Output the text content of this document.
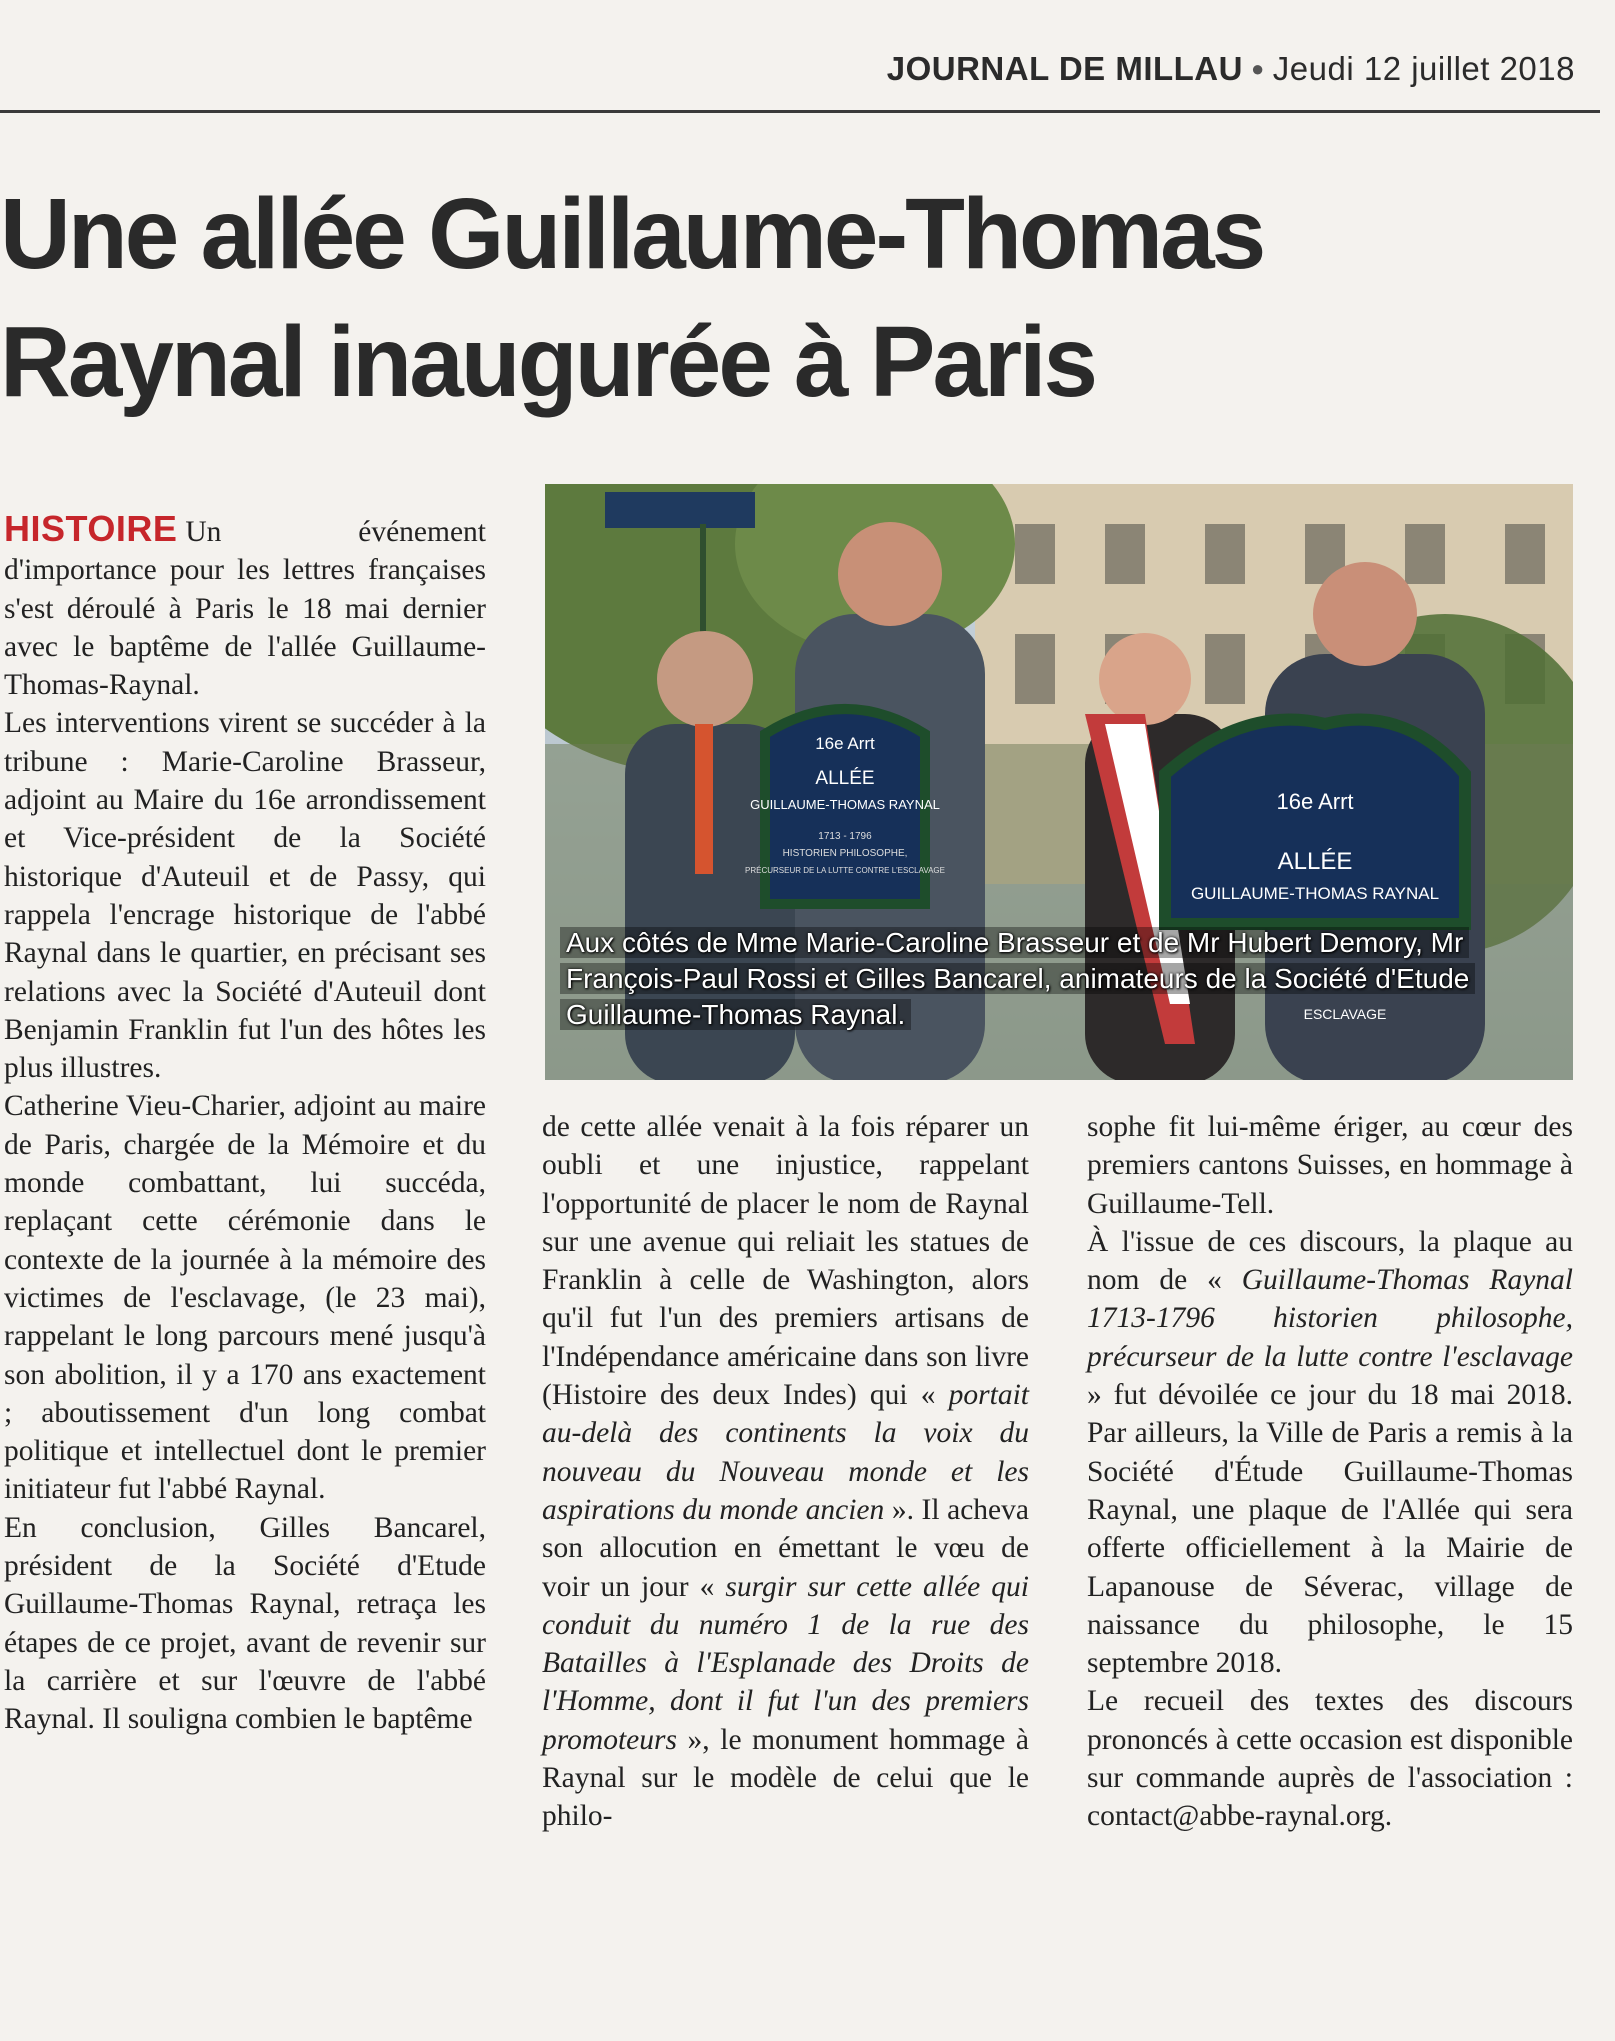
JOURNAL DE MILLAU ● Jeudi 12 juillet 2018
Une allée Guillaume-Thomas
Raynal inaugurée à Paris

HISTOIRE Un événement d'importance pour les lettres françaises s'est déroulé à Paris le 18 mai dernier avec le baptême de l'allée Guillaume-Thomas-Raynal.

Les interventions virent se succéder à la tribune : Marie-Caroline Brasseur, adjoint au Maire du 16e arrondissement et Vice-président de la Société historique d'Auteuil et de Passy, qui rappela l'encrage historique de l'abbé Raynal dans le quartier, en précisant ses relations avec la Société d'Auteuil dont Benjamin Franklin fut l'un des hôtes les plus illustres.

Catherine Vieu-Charier, adjoint au maire de Paris, chargée de la Mémoire et du monde combattant, lui succéda, replaçant cette cérémonie dans le contexte de la journée à la mémoire des victimes de l'esclavage, (le 23 mai), rappelant le long parcours mené jusqu'à son abolition, il y a 170 ans exactement ; aboutissement d'un long combat politique et intellectuel dont le premier initiateur fut l'abbé Raynal.

En conclusion, Gilles Bancarel, président de la Société d'Etude Guillaume-Thomas Raynal, retraça les étapes de ce projet, avant de revenir sur la carrière et sur l'œuvre de l'abbé Raynal. Il souligna combien le baptême

16e Arrt
ALLÉE
GUILLAUME-THOMAS RAYNAL
1713 - 1796
HISTORIEN PHILOSOPHE,
PRÉCURSEUR DE LA LUTTE CONTRE L'ESCLAVAGE
16e Arrt
ALLÉE
GUILLAUME-THOMAS RAYNAL
ESCLAVAGE
Aux côtés de Mme Marie-Caroline Brasseur et de Mr Hubert Demory, Mr François-Paul Rossi et Gilles Bancarel, animateurs de la Société d'Etude Guillaume-Thomas Raynal.

de cette allée venait à la fois réparer un oubli et une injustice, rappelant l'opportunité de placer le nom de Raynal sur une avenue qui reliait les statues de Franklin à celle de Washington, alors qu'il fut l'un des premiers artisans de l'Indépendance américaine dans son livre (Histoire des deux Indes) qui « portait au-delà des continents la voix du nouveau du Nouveau monde et les aspirations du monde ancien ». Il acheva son allocution en émettant le vœu de voir un jour « surgir sur cette allée qui conduit du numéro 1 de la rue des Batailles à l'Esplanade des Droits de l'Homme, dont il fut l'un des premiers promoteurs », le monument hommage à Raynal sur le modèle de celui que le philo-

sophe fit lui-même ériger, au cœur des premiers cantons Suisses, en hommage à Guillaume-Tell.

À l'issue de ces discours, la plaque au nom de « Guillaume-Thomas Raynal 1713-1796 historien philosophe, précurseur de la lutte contre l'esclavage » fut dévoilée ce jour du 18 mai 2018. Par ailleurs, la Ville de Paris a remis à la Société d'Étude Guillaume-Thomas Raynal, une plaque de l'Allée qui sera offerte officiellement à la Mairie de Lapanouse de Séverac, village de naissance du philosophe, le 15 septembre 2018.

Le recueil des textes des discours prononcés à cette occasion est disponible sur commande auprès de l'association : contact@abbe-raynal.org.
